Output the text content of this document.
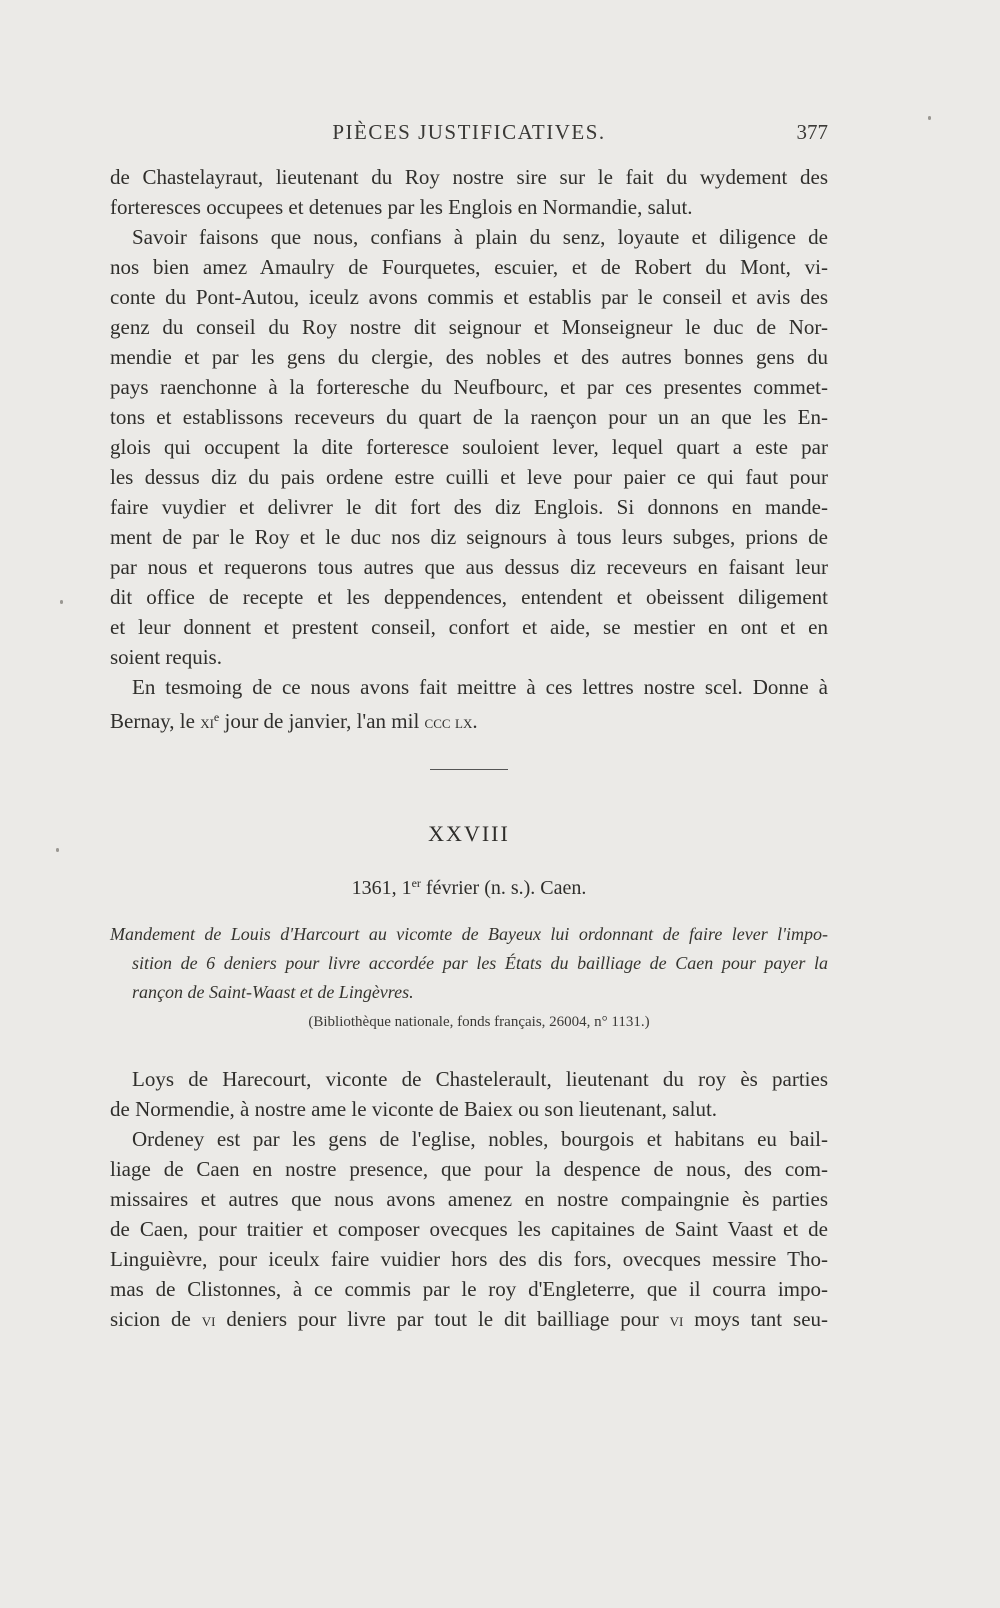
PIÈCES JUSTIFICATIVES.	377

de Chastelayraut, lieutenant du Roy nostre sire sur le fait du wydement des

forteresces occupees et detenues par les Englois en Normandie, salut.

Savoir faisons que nous, confians à plain du senz, loyaute et diligence de

nos bien amez Amaulry de Fourquetes, escuier, et de Robert du Mont, vi-

conte du Pont-Autou, iceulz avons commis et establis par le conseil et avis des

genz du conseil du Roy nostre dit seignour et Monseigneur le duc de Nor-

mendie et par les gens du clergie, des nobles et des autres bonnes gens du

pays raenchonne à la forteresche du Neufbourc, et par ces presentes commet-

tons et establissons receveurs du quart de la raençon pour un an que les En-

glois qui occupent la dite forteresce souloient lever, lequel quart a este par

les dessus diz du pais ordene estre cuilli et leve pour paier ce qui faut pour

faire vuydier et delivrer le dit fort des diz Englois. Si donnons en mande-

ment de par le Roy et le duc nos diz seignours à tous leurs subges, prions de

par nous et requerons tous autres que aus dessus diz receveurs en faisant leur

dit office de recepte et les deppendences, entendent et obeissent diligement

et leur donnent et prestent conseil, confort et aide, se mestier en ont et en

soient requis.

En tesmoing de ce nous avons fait meittre à ces lettres nostre scel. Donne à

Bernay, le $xi^e$ jour de janvier, l'an mil ccc lx.

XXVIII
1361, 1er février (n. s.). Caen.
Mandement de Louis d'Harcourt au vicomte de Bayeux lui ordonnant de faire lever l'impo-
sition de 6 deniers pour livre accordée par les États du bailliage de Caen pour payer la
rançon de Saint-Waast et de Lingèvres.
(Bibliothèque nationale, fonds français, 26004, n° 1131.)

Loys de Harecourt, viconte de Chastelerault, lieutenant du roy ès parties

de Normendie, à nostre ame le viconte de Baiex ou son lieutenant, salut.

Ordeney est par les gens de l'eglise, nobles, bourgois et habitans eu bail-

liage de Caen en nostre presence, que pour la despence de nous, des com-

missaires et autres que nous avons amenez en nostre compaingnie ès parties

de Caen, pour traitier et composer ovecques les capitaines de Saint Vaast et de

Linguièvre, pour iceulx faire vuidier hors des dis fors, ovecques messire Tho-

mas de Clistonnes, à ce commis par le roy d'Engleterre, que il courra impo-

sicion de vi deniers pour livre par tout le dit bailliage pour vi moys tant seu-
